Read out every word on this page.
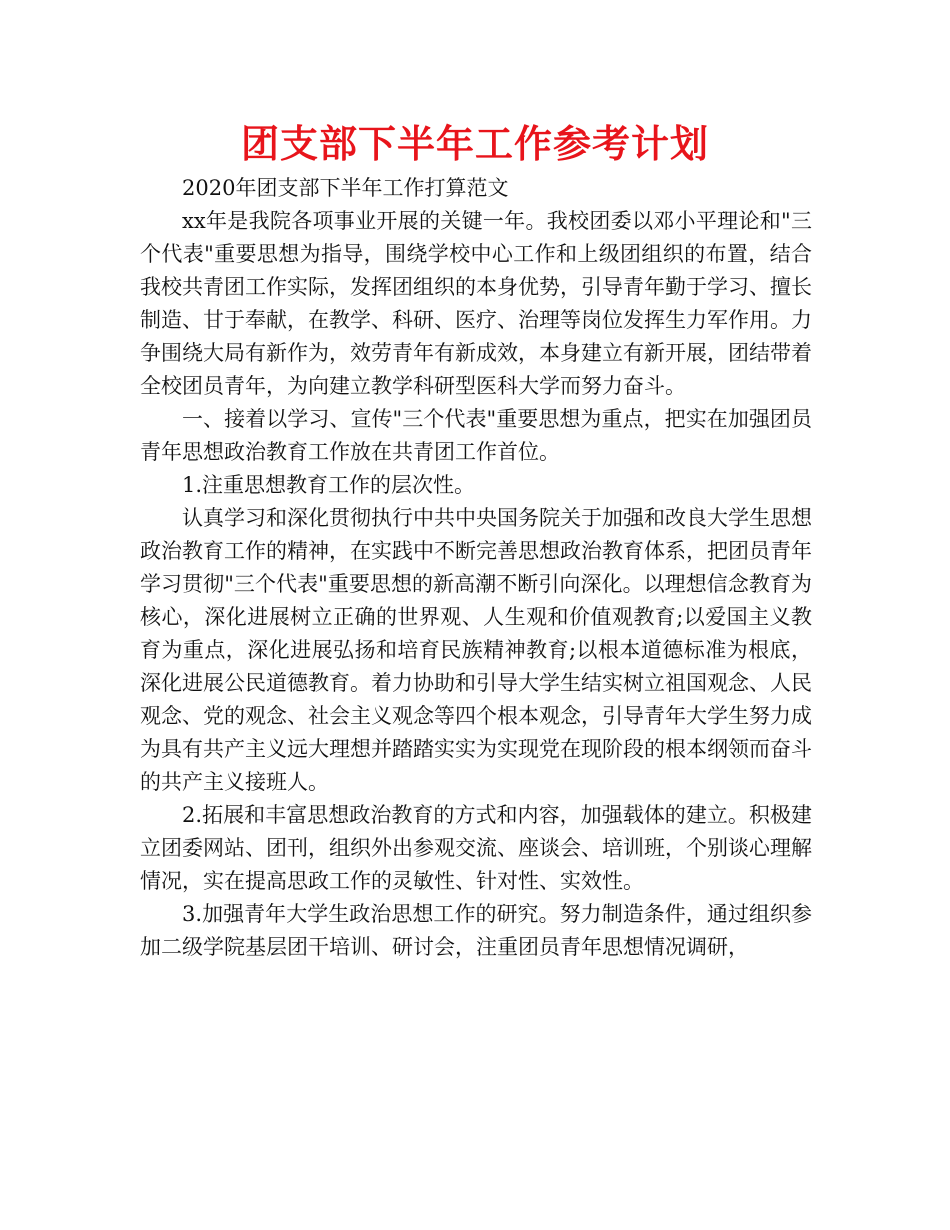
团支部下半年工作参考计划

2020年团支部下半年工作打算范文

xx年是我院各项事业开展的关键一年。我校团委以邓小平理论和"三个代表"重要思想为指导，围绕学校中心工作和上级团组织的布置，结合我校共青团工作实际，发挥团组织的本身优势，引导青年勤于学习、擅长制造、甘于奉献，在教学、科研、医疗、治理等岗位发挥生力军作用。力争围绕大局有新作为，效劳青年有新成效，本身建立有新开展，团结带着全校团员青年，为向建立教学科研型医科大学而努力奋斗。

一、接着以学习、宣传"三个代表"重要思想为重点，把实在加强团员青年思想政治教育工作放在共青团工作首位。

1.注重思想教育工作的层次性。

认真学习和深化贯彻执行中共中央国务院关于加强和改良大学生思想政治教育工作的精神，在实践中不断完善思想政治教育体系，把团员青年学习贯彻"三个代表"重要思想的新高潮不断引向深化。以理想信念教育为核心，深化进展树立正确的世界观、人生观和价值观教育;以爱国主义教育为重点，深化进展弘扬和培育民族精神教育;以根本道德标准为根底，深化进展公民道德教育。着力协助和引导大学生结实树立祖国观念、人民观念、党的观念、社会主义观念等四个根本观念，引导青年大学生努力成为具有共产主义远大理想并踏踏实实为实现党在现阶段的根本纲领而奋斗的共产主义接班人。

2.拓展和丰富思想政治教育的方式和内容，加强载体的建立。积极建立团委网站、团刊，组织外出参观交流、座谈会、培训班，个别谈心理解情况，实在提高思政工作的灵敏性、针对性、实效性。

3.加强青年大学生政治思想工作的研究。努力制造条件，通过组织参加二级学院基层团干培训、研讨会，注重团员青年思想情况调研，
